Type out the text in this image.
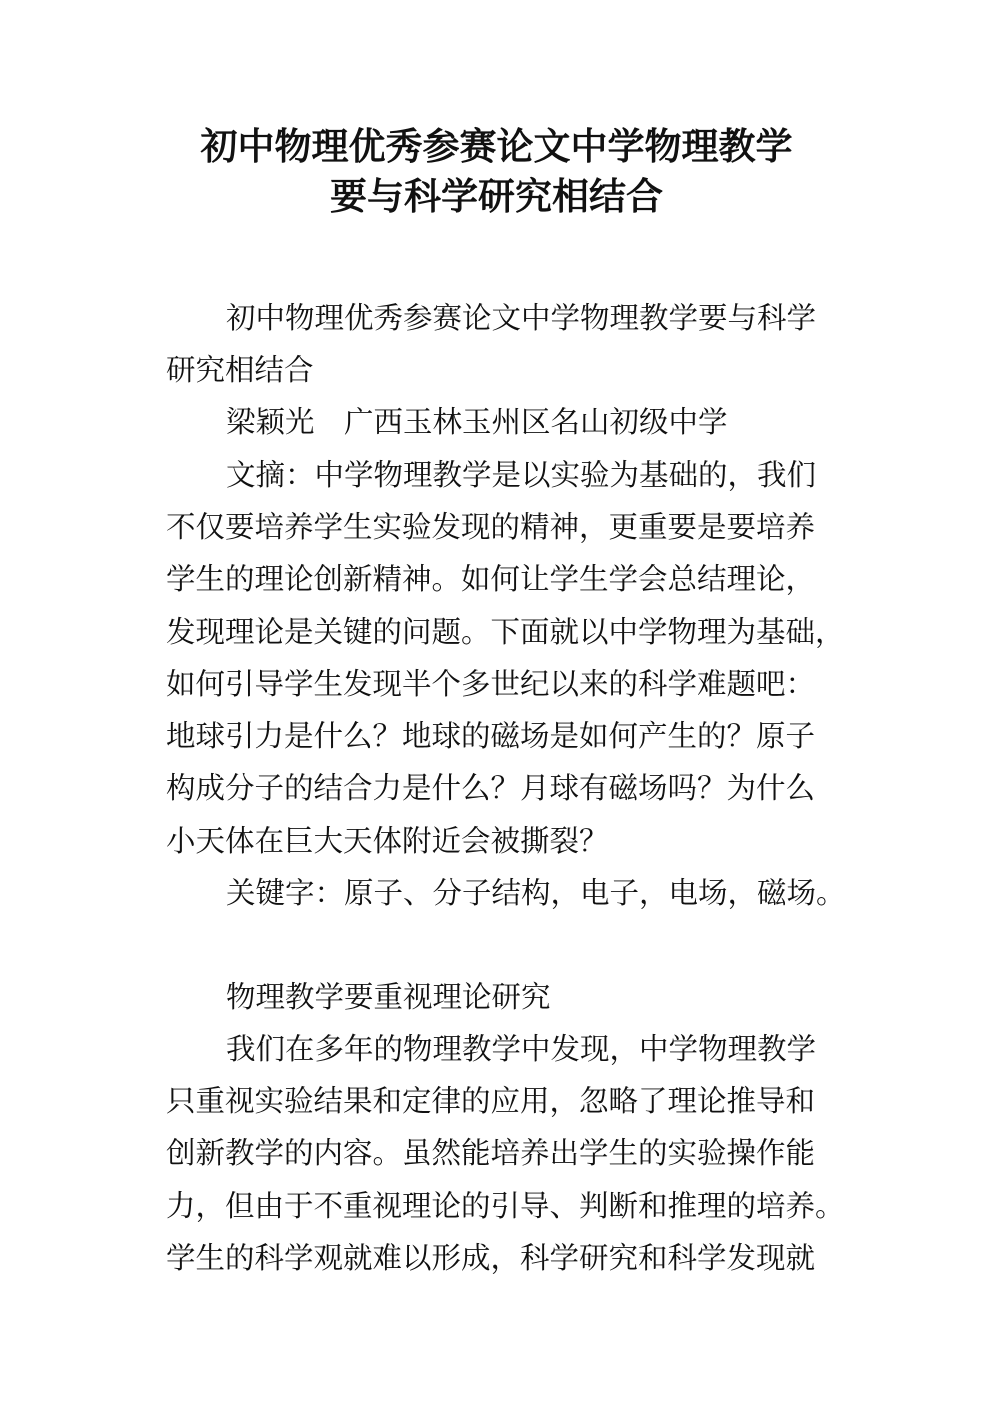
初中物理优秀参赛论文中学物理教学
要与科学研究相结合
初中物理优秀参赛论文中学物理教学要与科学
研究相结合
梁颖光　广西玉林玉州区名山初级中学
文摘：中学物理教学是以实验为基础的，我们
不仅要培养学生实验发现的精神，更重要是要培养
学生的理论创新精神。如何让学生学会总结理论，
发现理论是关键的问题。下面就以中学物理为基础，
如何引导学生发现半个多世纪以来的科学难题吧：
地球引力是什么？地球的磁场是如何产生的？原子
构成分子的结合力是什么？月球有磁场吗？为什么
小天体在巨大天体附近会被撕裂？
关键字：原子、分子结构，电子，电场，磁场。
物理教学要重视理论研究
我们在多年的物理教学中发现，中学物理教学
只重视实验结果和定律的应用，忽略了理论推导和
创新教学的内容。虽然能培养出学生的实验操作能
力，但由于不重视理论的引导、判断和推理的培养。
学生的科学观就难以形成，科学研究和科学发现就
